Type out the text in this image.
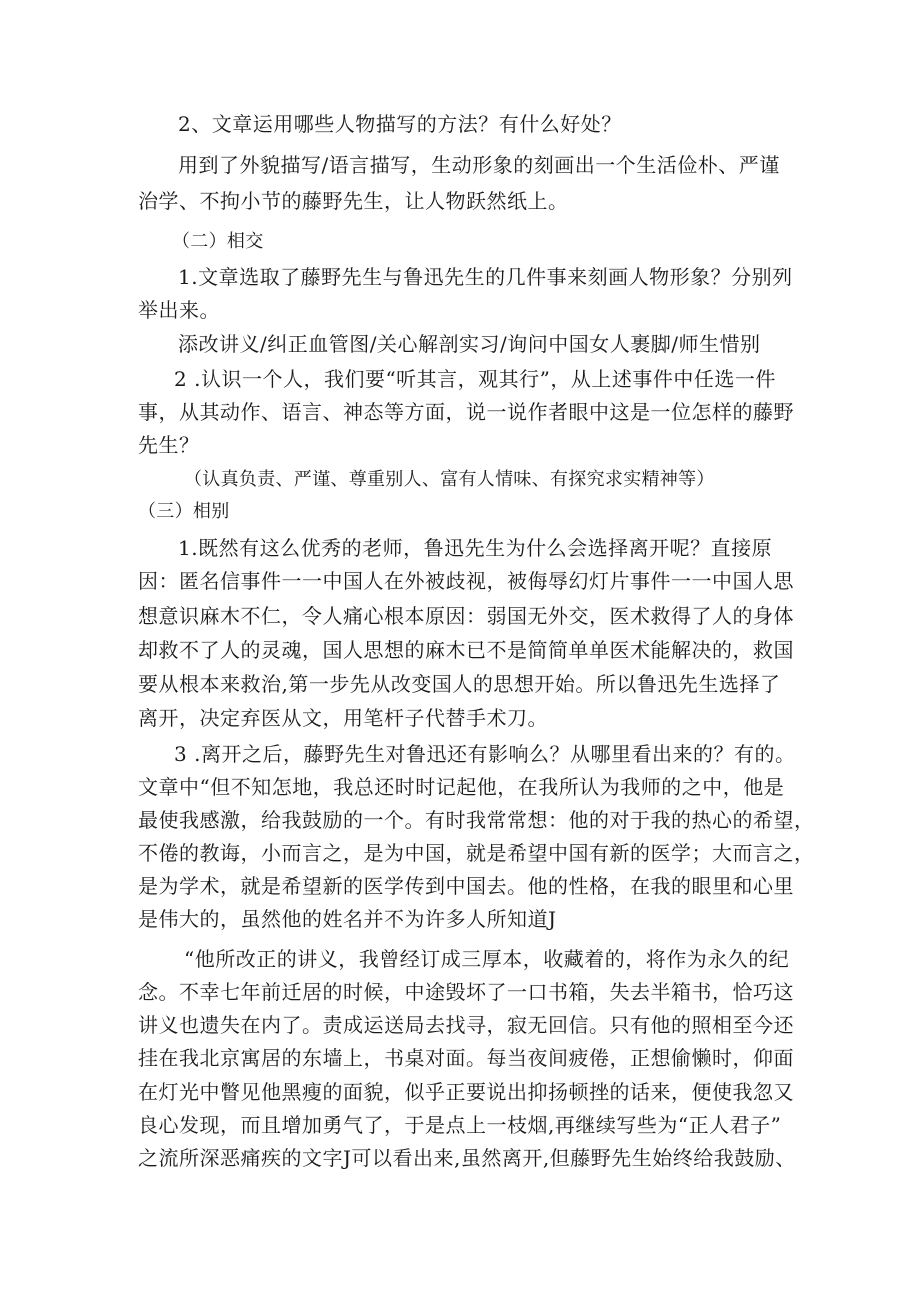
2、文章运用哪些人物描写的方法？有什么好处？
用到了外貌描写/语言描写，生动形象的刻画出一个生活俭朴、严谨
治学、不拘小节的藤野先生，让人物跃然纸上。
（二）相交
1.文章选取了藤野先生与鲁迅先生的几件事来刻画人物形象？分别列
举出来。
添改讲义/纠正血管图/关心解剖实习/询问中国女人裹脚/师生惜别
2 .认识一个人，我们要“听其言，观其行”，从上述事件中任选一件
事，从其动作、语言、神态等方面，说一说作者眼中这是一位怎样的藤野
先生？
（认真负责、严谨、尊重别人、富有人情味、有探究求实精神等）
（三）相别
1.既然有这么优秀的老师，鲁迅先生为什么会选择离开呢？直接原
因：匿名信事件一一中国人在外被歧视，被侮辱幻灯片事件一一中国人思
想意识麻木不仁，令人痛心根本原因：弱国无外交，医术救得了人的身体
却救不了人的灵魂，国人思想的麻木已不是简简单单医术能解决的，救国
要从根本来救治,第一步先从改变国人的思想开始。所以鲁迅先生选择了
离开，决定弃医从文，用笔杆子代替手术刀。
3 .离开之后，藤野先生对鲁迅还有影响么？从哪里看出来的？有的。
文章中“但不知怎地，我总还时时记起他，在我所认为我师的之中，他是
最使我感激，给我鼓励的一个。有时我常常想：他的对于我的热心的希望，
不倦的教诲，小而言之，是为中国，就是希望中国有新的医学；大而言之，
是为学术，就是希望新的医学传到中国去。他的性格，在我的眼里和心里
是伟大的，虽然他的姓名并不为许多人所知道J
“他所改正的讲义，我曾经订成三厚本，收藏着的，将作为永久的纪
念。不幸七年前迁居的时候，中途毁坏了一口书箱，失去半箱书，恰巧这
讲义也遗失在内了。责成运送局去找寻，寂无回信。只有他的照相至今还
挂在我北京寓居的东墙上，书桌对面。每当夜间疲倦，正想偷懒时，仰面
在灯光中瞥见他黑瘦的面貌，似乎正要说出抑扬顿挫的话来，便使我忽又
良心发现，而且增加勇气了，于是点上一枝烟,再继续写些为“正人君子”
之流所深恶痛疾的文字J可以看出来,虽然离开,但藤野先生始终给我鼓励、
